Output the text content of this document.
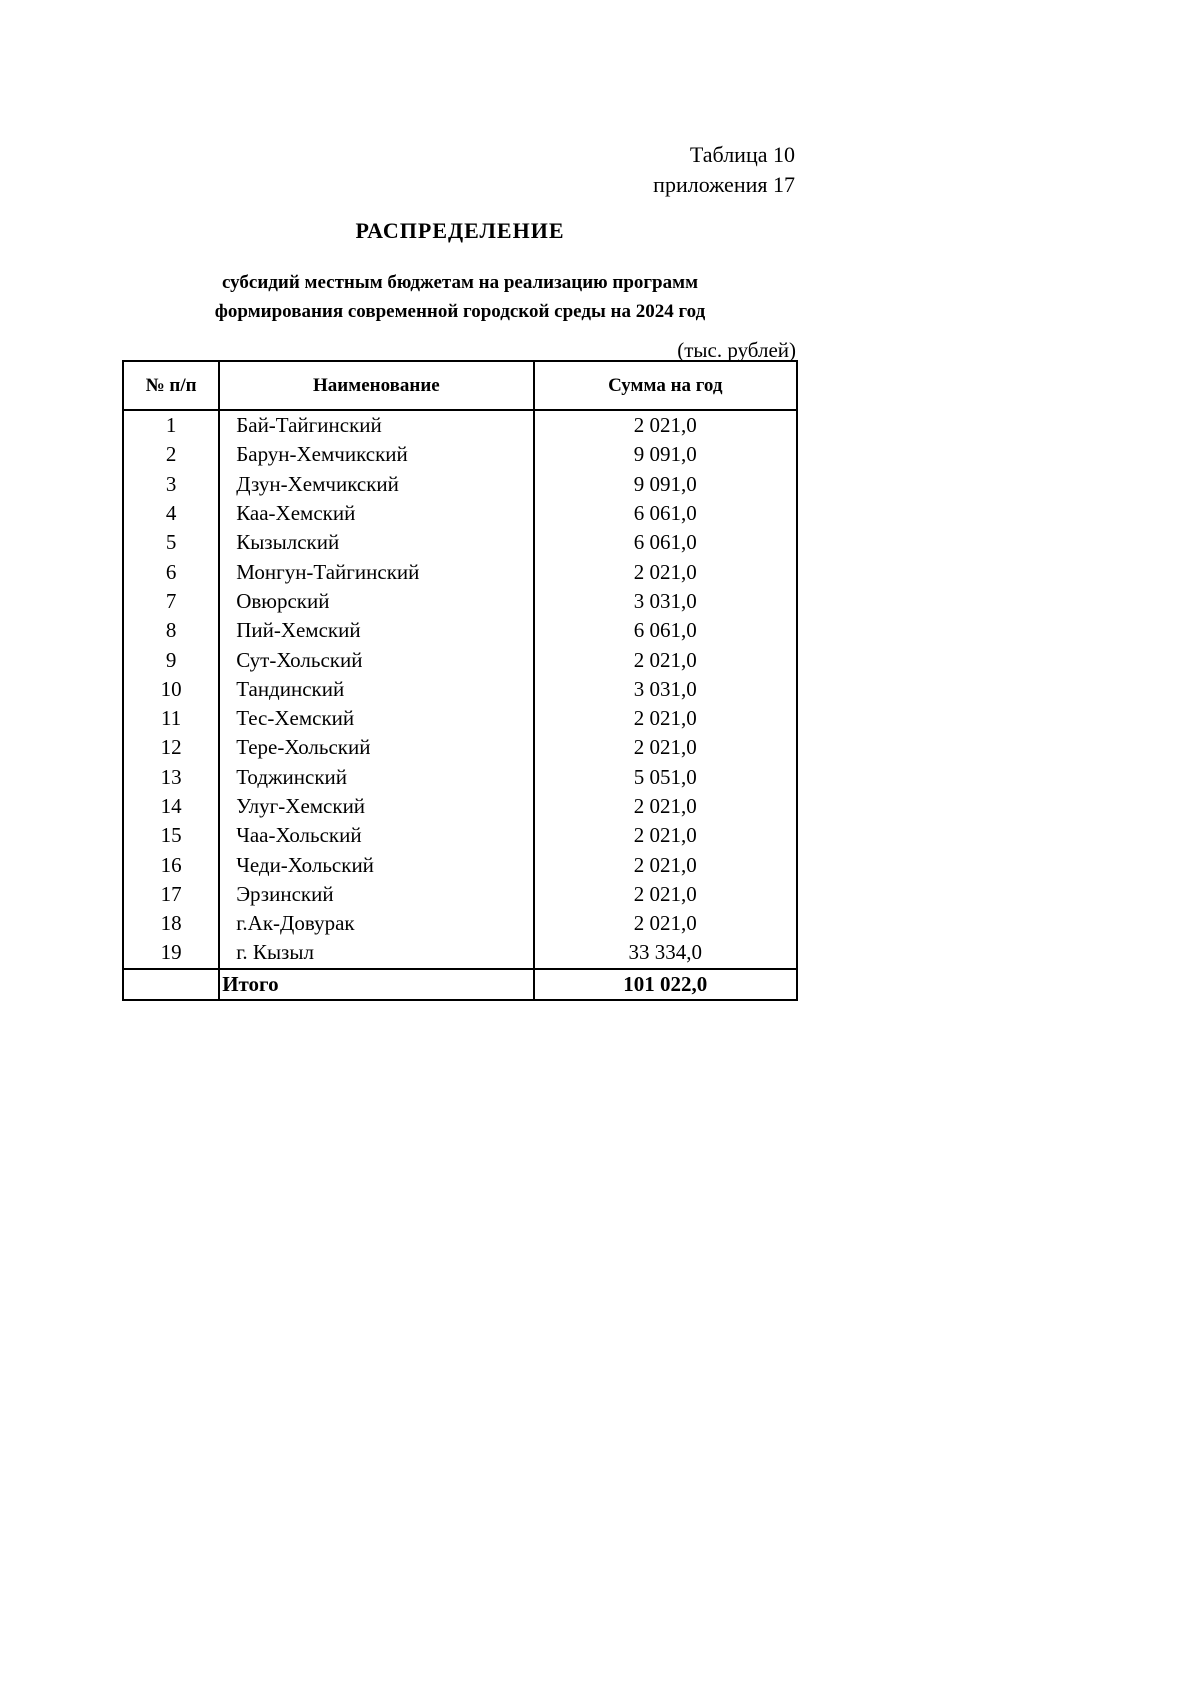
Таблица 10
приложения 17
РАСПРЕДЕЛЕНИЕ
субсидий местным бюджетам на реализацию программ
формирования современной городской среды на 2024 год
(тыс. рублей)
№ п/п	Наименование	Сумма на год
1	Бай-Тайгинский	2 021,0
2	Барун-Хемчикский	9 091,0
3	Дзун-Хемчикский	9 091,0
4	Каа-Хемский	6 061,0
5	Кызылский	6 061,0
6	Монгун-Тайгинский	2 021,0
7	Овюрский	3 031,0
8	Пий-Хемский	6 061,0
9	Сут-Хольский	2 021,0
10	Тандинский	3 031,0
11	Тес-Хемский	2 021,0
12	Тере-Хольский	2 021,0
13	Тоджинский	5 051,0
14	Улуг-Хемский	2 021,0
15	Чаа-Хольский	2 021,0
16	Чеди-Хольский	2 021,0
17	Эрзинский	2 021,0
18	г.Ак-Довурак	2 021,0
19	г. Кызыл	33 334,0
	Итого	101 022,0
